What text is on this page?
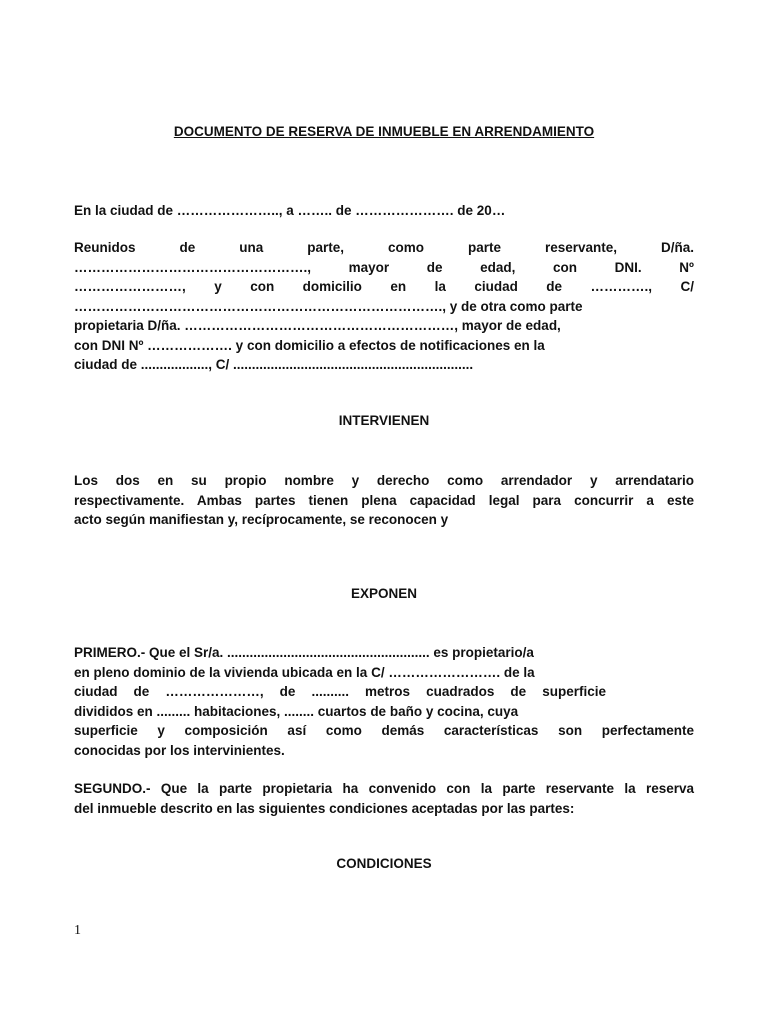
DOCUMENTO DE RESERVA DE INMUEBLE EN ARRENDAMIENTO
En la ciudad de ………………….., a …….. de …………………. de 20…
Reunidos de una parte, como parte reservante, D/ña.
……………………………………………., mayor de edad, con DNI. Nº
……………………, y con domicilio en la ciudad de …………., C/
………………………………………………………………………., y de otra como parte
propietaria D/ña. ……………………………………………………, mayor de edad,
con DNI Nº ………………. y con domicilio a efectos de notificaciones en la
ciudad de .................., C/ ................................................................
INTERVIENEN
Los dos en su propio nombre y derecho como arrendador y arrendatario
respectivamente. Ambas partes tienen plena capacidad legal para concurrir a este
acto según manifiestan y, recíprocamente, se reconocen y
EXPONEN
PRIMERO.- Que el Sr/a. ...................................................... es propietario/a
en pleno dominio de la vivienda ubicada en la C/ ……………………. de la
ciudad de …………………, de .......... metros cuadrados de superficie
divididos en ......... habitaciones, ........ cuartos de baño y cocina, cuya
superficie y composición así como demás características son perfectamente
conocidas por los intervinientes.
SEGUNDO.- Que la parte propietaria ha convenido con la parte reservante la reserva
del inmueble descrito en las siguientes condiciones aceptadas por las partes:
CONDICIONES
1
